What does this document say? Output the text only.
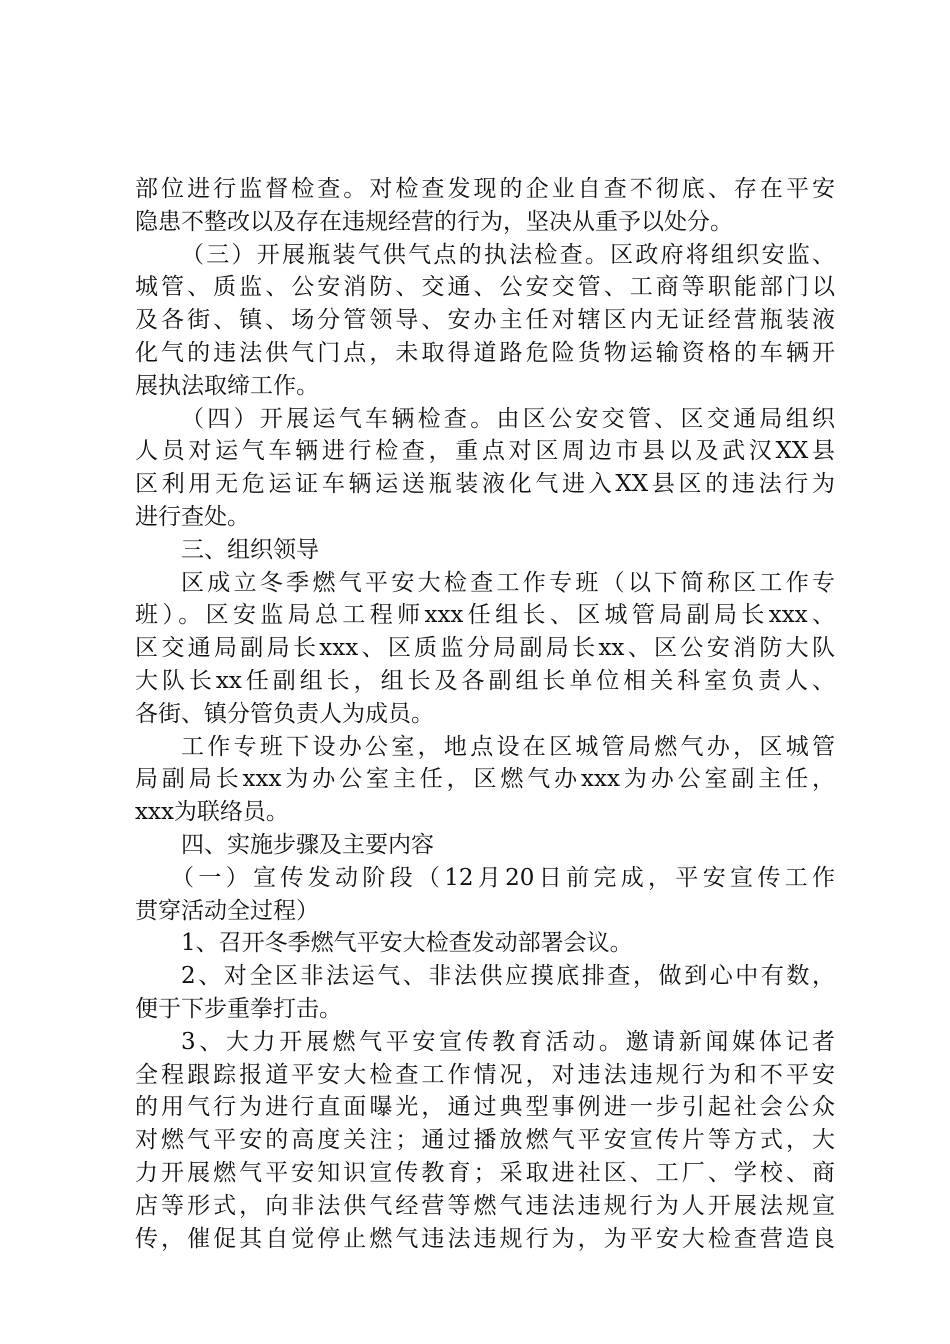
部位进行监督检查。对检查发现的企业自查不彻底、存在平安
隐患不整改以及存在违规经营的行为，坚决从重予以处分。
（三）开展瓶装气供气点的执法检查。区政府将组织安监、
城管、质监、公安消防、交通、公安交管、工商等职能部门以
及各街、镇、场分管领导、安办主任对辖区内无证经营瓶装液
化气的违法供气门点，未取得道路危险货物运输资格的车辆开
展执法取缔工作。
（四）开展运气车辆检查。由区公安交管、区交通局组织
人员对运气车辆进行检查，重点对区周边市县以及武汉XX县
区利用无危运证车辆运送瓶装液化气进入XX县区的违法行为
进行查处。
三、组织领导
区成立冬季燃气平安大检查工作专班（以下简称区工作专
班）。区安监局总工程师xxx任组长、区城管局副局长xxx、
区交通局副局长xxx、区质监分局副局长xx、区公安消防大队
大队长xx任副组长，组长及各副组长单位相关科室负责人、
各街、镇分管负责人为成员。
工作专班下设办公室，地点设在区城管局燃气办，区城管
局副局长xxx为办公室主任，区燃气办xxx为办公室副主任，
xxx为联络员。
四、实施步骤及主要内容
（一）宣传发动阶段（12月20日前完成，平安宣传工作
贯穿活动全过程）
1、召开冬季燃气平安大检查发动部署会议。
2、对全区非法运气、非法供应摸底排查，做到心中有数，
便于下步重拳打击。
3、大力开展燃气平安宣传教育活动。邀请新闻媒体记者
全程跟踪报道平安大检查工作情况，对违法违规行为和不平安
的用气行为进行直面曝光，通过典型事例进一步引起社会公众
对燃气平安的高度关注；通过播放燃气平安宣传片等方式，大
力开展燃气平安知识宣传教育；采取进社区、工厂、学校、商
店等形式，向非法供气经营等燃气违法违规行为人开展法规宣
传，催促其自觉停止燃气违法违规行为，为平安大检查营造良
